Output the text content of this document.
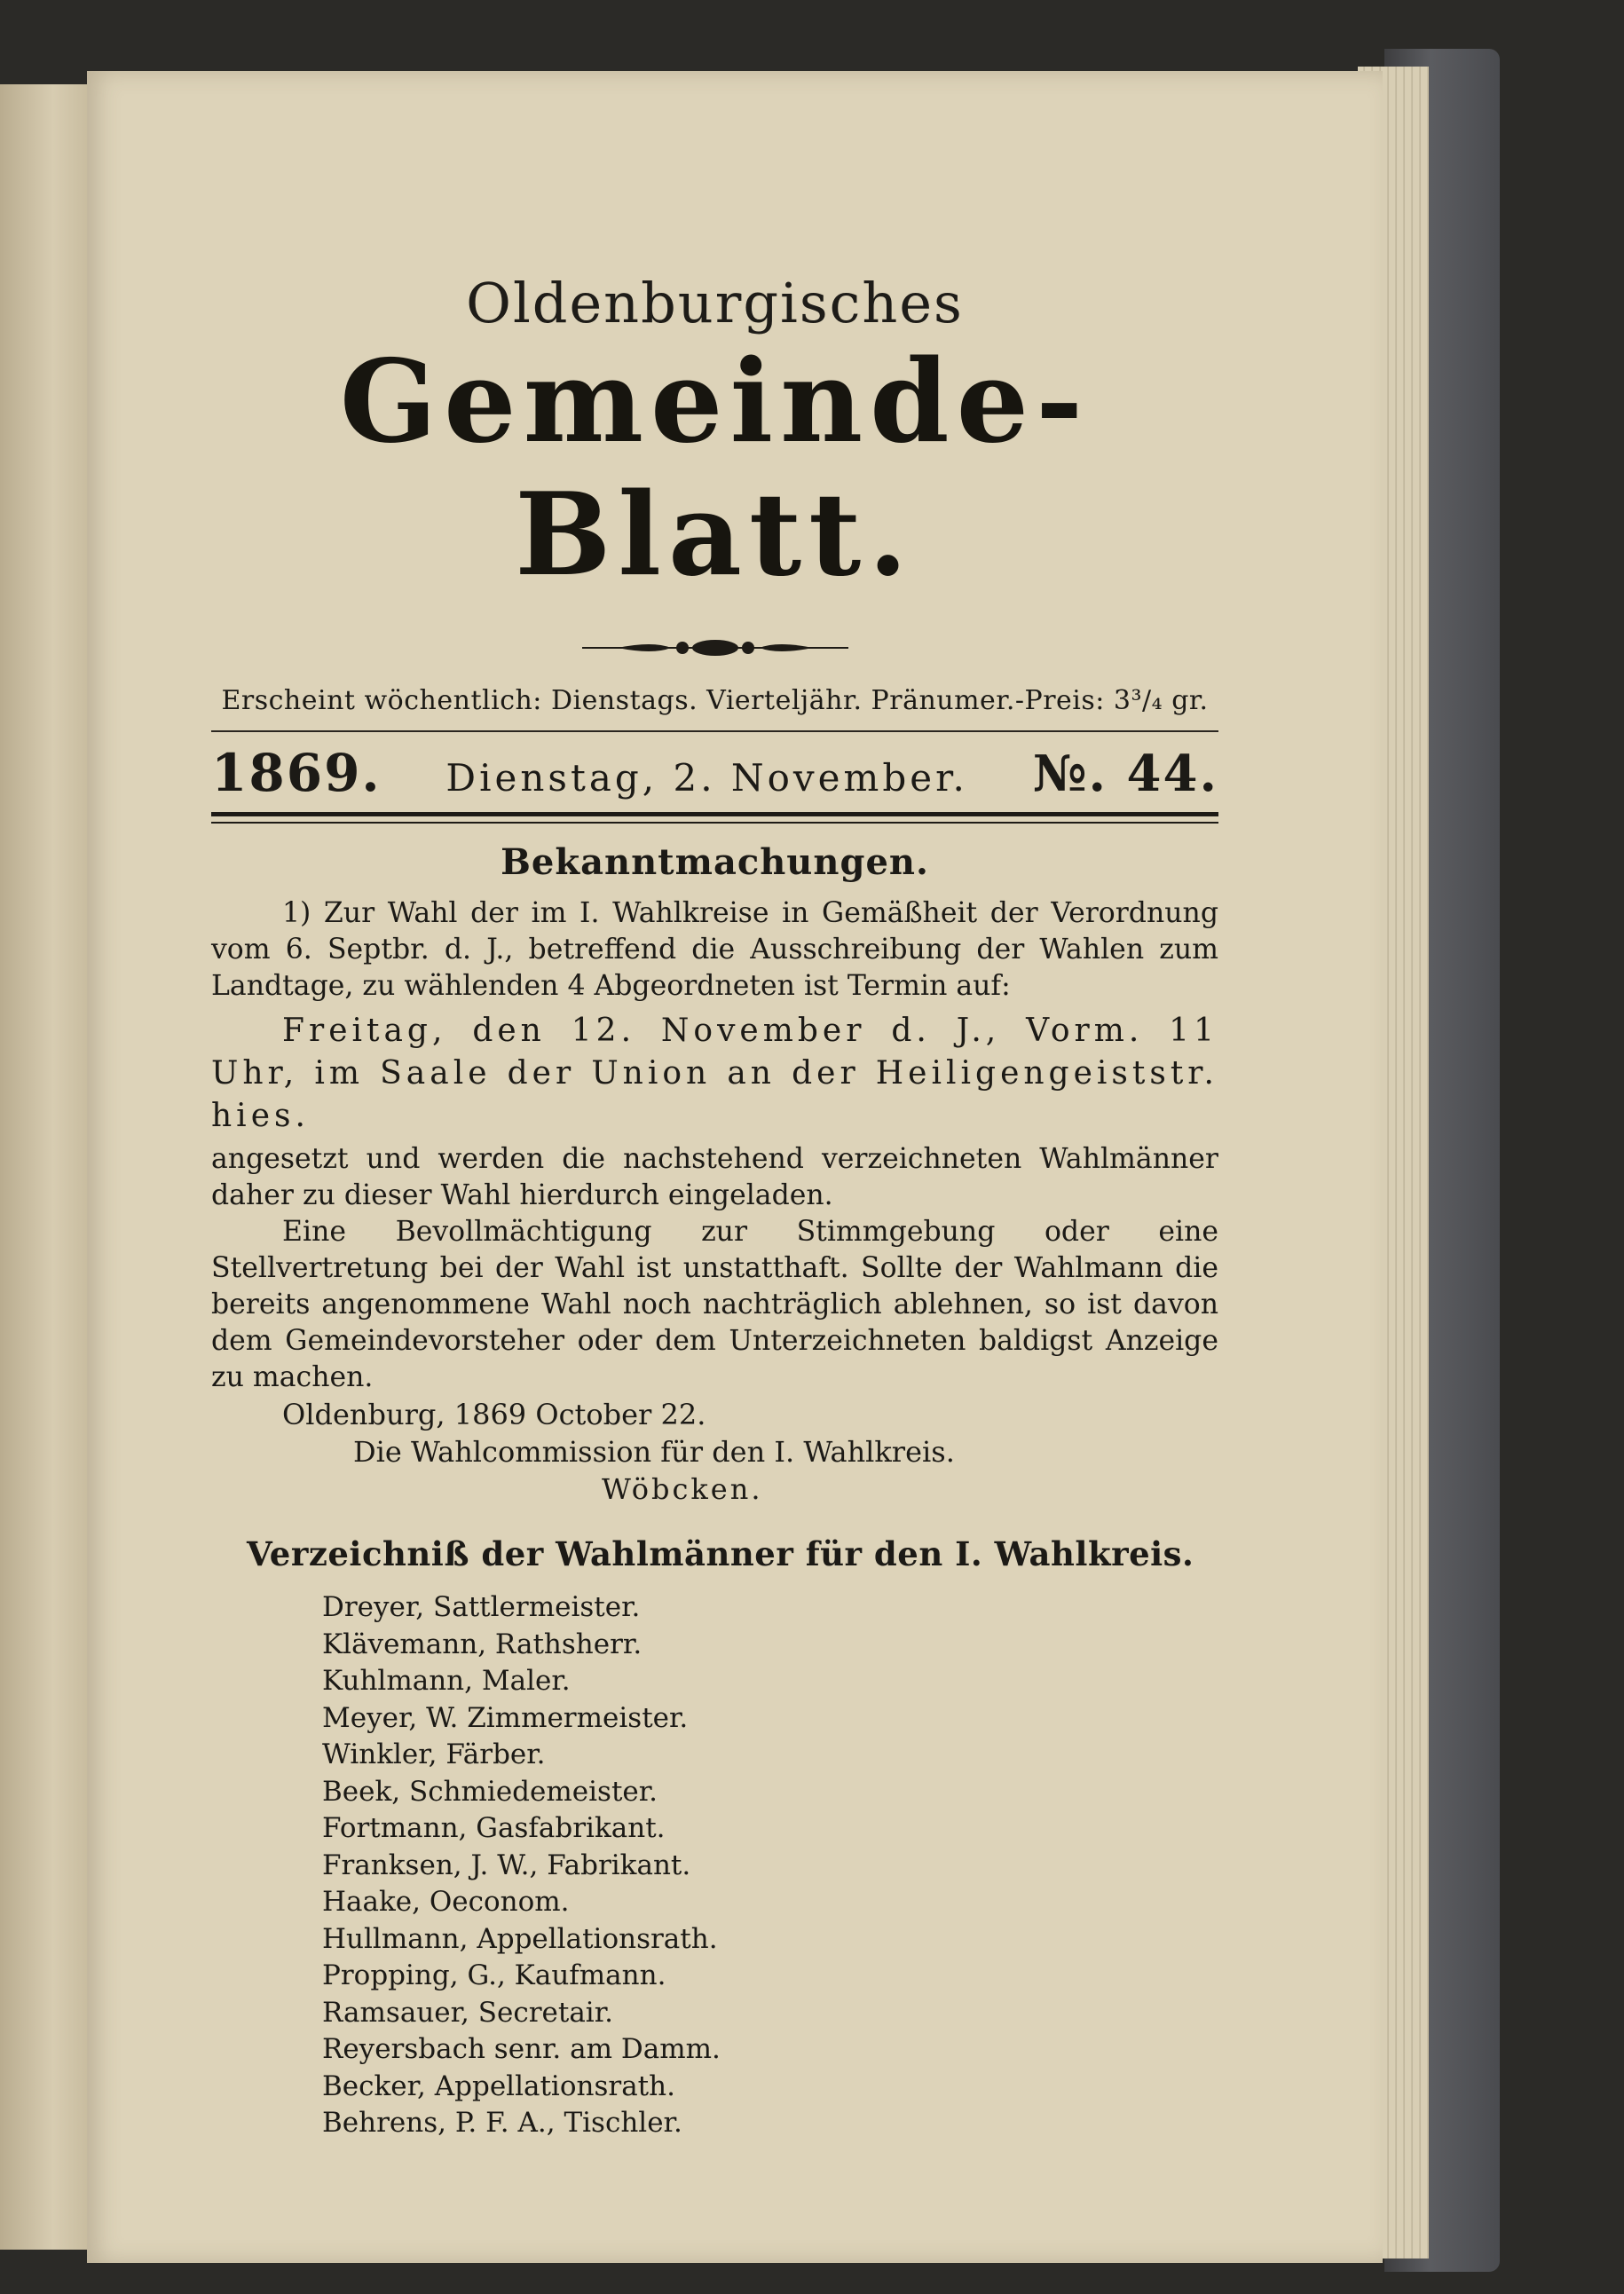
Oldenburgisches
Gemeinde-Blatt.
Erscheint wöchentlich: Dienstags. Vierteljähr. Pränumer.-Preis: 3³/₄ gr.
1869. Dienstag, 2. November. №. 44.
Bekanntmachungen.

1) Zur Wahl der im I. Wahlkreise in Gemäßheit der Verordnung vom 6. Septbr. d. J., betreffend die Ausschreibung der Wahlen zum Landtage, zu wählenden 4 Abgeordneten ist Termin auf:

Freitag, den 12. November d. J., Vorm. 11 Uhr, im Saale der Union an der Heiligengeiststr. hies.

angesetzt und werden die nachstehend verzeichneten Wahlmänner daher zu dieser Wahl hierdurch eingeladen.

Eine Bevollmächtigung zur Stimmgebung oder eine Stellvertretung bei der Wahl ist unstatthaft. Sollte der Wahlmann die bereits angenommene Wahl noch nachträglich ablehnen, so ist davon dem Gemeindevorsteher oder dem Unterzeichneten baldigst Anzeige zu machen.

Oldenburg, 1869 October 22.

Die Wahlcommission für den I. Wahlkreis.

Wöbcken.

Verzeichniß der Wahlmänner für den I. Wahlkreis.
Dreyer, Sattlermeister.
Klävemann, Rathsherr.
Kuhlmann, Maler.
Meyer, W. Zimmermeister.
Winkler, Färber.
Beek, Schmiedemeister.
Fortmann, Gasfabrikant.
Franksen, J. W., Fabrikant.
Haake, Oeconom.
Hullmann, Appellationsrath.
Propping, G., Kaufmann.
Ramsauer, Secretair.
Reyersbach senr. am Damm.
Becker, Appellationsrath.
Behrens, P. F. A., Tischler.
